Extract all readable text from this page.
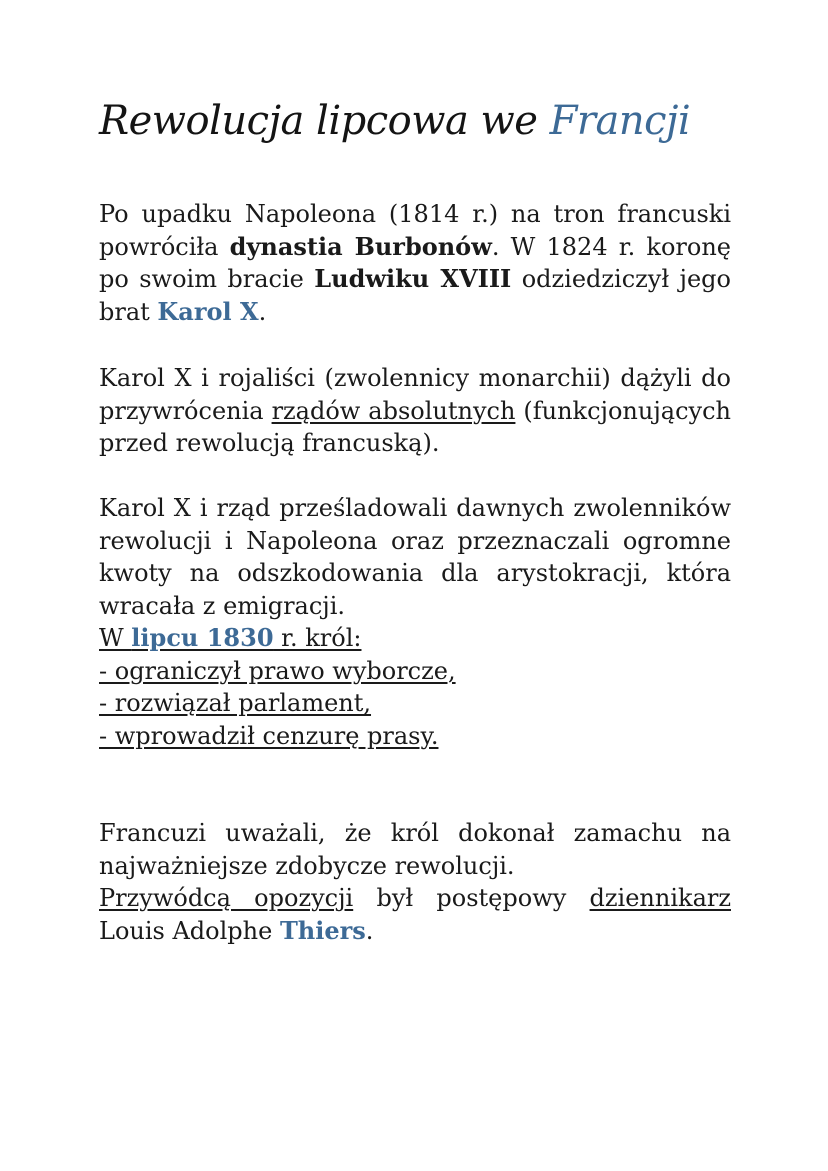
Rewolucja lipcowa we Francji

Po upadku Napoleona (1814 r.) na tron francuski powróciła dynastia Burbonów. W 1824 r. koronę po swoim bracie Ludwiku XVIII odziedziczył jego brat Karol X.

Karol X i rojaliści (zwolennicy monarchii) dążyli do przywrócenia rządów absolutnych (funkcjonujących przed rewolucją francuską).

Karol X i rząd prześladowali dawnych zwolenników rewolucji i Napoleona oraz przeznaczali ogromne kwoty na odszkodowania dla arystokracji, która wracała z emigracji.
W lipcu 1830 r. król:
- ograniczył prawo wyborcze,
- rozwiązał parlament,
- wprowadził cenzurę prasy.

Francuzi uważali, że król dokonał zamachu na najważniejsze zdobycze rewolucji.
Przywódcą opozycji był postępowy dziennikarz Louis Adolphe Thiers.
